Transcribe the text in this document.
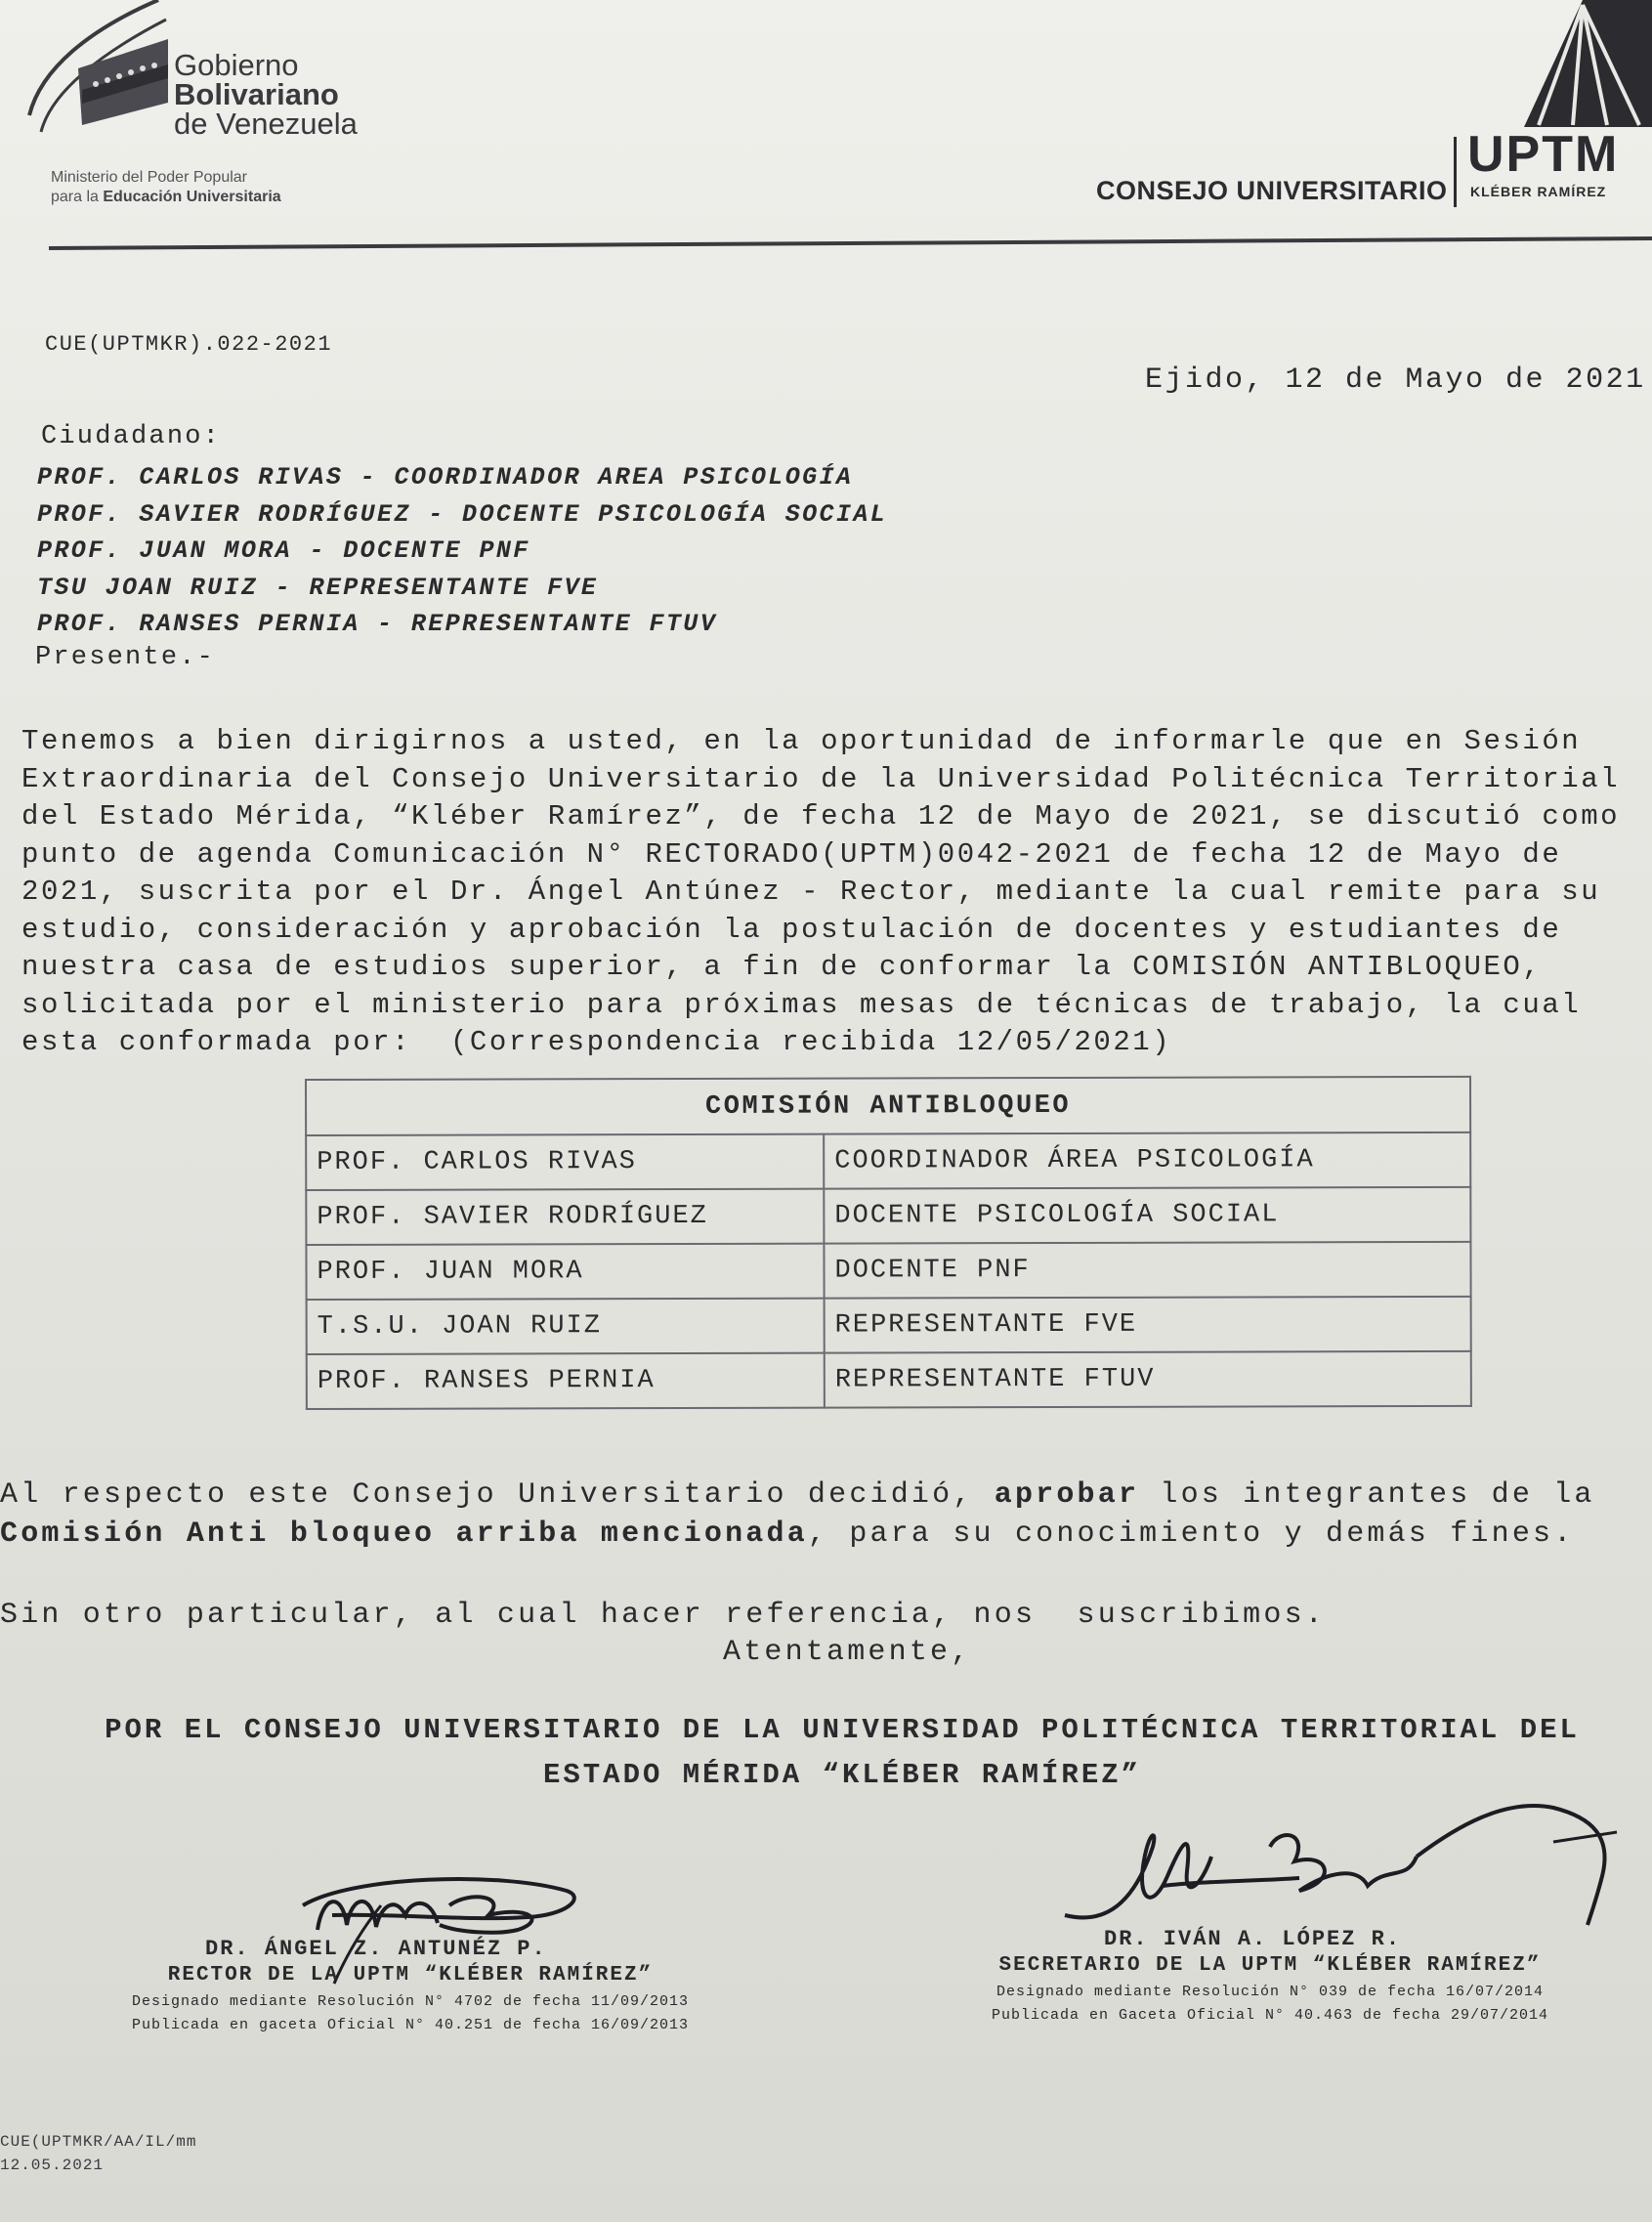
Gobierno
Bolivariano
de Venezuela
Ministerio del Poder Popular
para la Educación Universitaria	CONSEJO UNIVERSITARIO
UPTM
KLÉBER RAMÍREZ
CUE(UPTMKR).022-2021
Ejido, 12 de Mayo de 2021
Ciudadano:
PROF. CARLOS RIVAS - COORDINADOR AREA PSICOLOGÍA
PROF. SAVIER RODRÍGUEZ - DOCENTE PSICOLOGÍA SOCIAL
PROF. JUAN MORA - DOCENTE PNF
TSU JOAN RUIZ - REPRESENTANTE FVE
PROF. RANSES PERNIA - REPRESENTANTE FTUV
Presente.-
Tenemos a bien dirigirnos a usted, en la oportunidad de informarle que en Sesión
Extraordinaria del Consejo Universitario de la Universidad Politécnica Territorial
del Estado Mérida, “Kléber Ramírez”, de fecha 12 de Mayo de 2021, se discutió como
punto de agenda Comunicación N° RECTORADO(UPTM)0042-2021 de fecha 12 de Mayo de
2021, suscrita por el Dr. Ángel Antúnez - Rector, mediante la cual remite para su
estudio, consideración y aprobación la postulación de docentes y estudiantes de
nuestra casa de estudios superior, a fin de conformar la COMISIÓN ANTIBLOQUEO,
solicitada por el ministerio para próximas mesas de técnicas de trabajo, la cual
esta conformada por:  (Correspondencia recibida 12/05/2021)
COMISIÓN ANTIBLOQUEO	
PROF. CARLOS RIVAS	COORDINADOR ÁREA PSICOLOGÍA
PROF. SAVIER RODRÍGUEZ	DOCENTE PSICOLOGÍA SOCIAL
PROF. JUAN MORA	DOCENTE PNF
T.S.U. JOAN RUIZ	REPRESENTANTE FVE
PROF. RANSES PERNIA	REPRESENTANTE FTUV
Al respecto este Consejo Universitario decidió, aprobar los integrantes de la
Comisión Anti bloqueo arriba mencionada, para su conocimiento y demás fines.
Sin otro particular, al cual hacer referencia, nos  suscribimos.
Atentamente,
POR EL CONSEJO UNIVERSITARIO DE LA UNIVERSIDAD POLITÉCNICA TERRITORIAL DEL
ESTADO MÉRIDA “KLÉBER RAMÍREZ”
DR. ÁNGEL Z. ANTUNÉZ P.
RECTOR DE LA UPTM “KLÉBER RAMÍREZ”
Designado mediante Resolución N° 4702 de fecha 11/09/2013
Publicada en gaceta Oficial N° 40.251 de fecha 16/09/2013
DR. IVÁN A. LÓPEZ R.
SECRETARIO DE LA UPTM “KLÉBER RAMÍREZ”
Designado mediante Resolución N° 039 de fecha 16/07/2014
Publicada en Gaceta Oficial N° 40.463 de fecha 29/07/2014
CUE(UPTMKR/AA/IL/mm
12.05.2021
